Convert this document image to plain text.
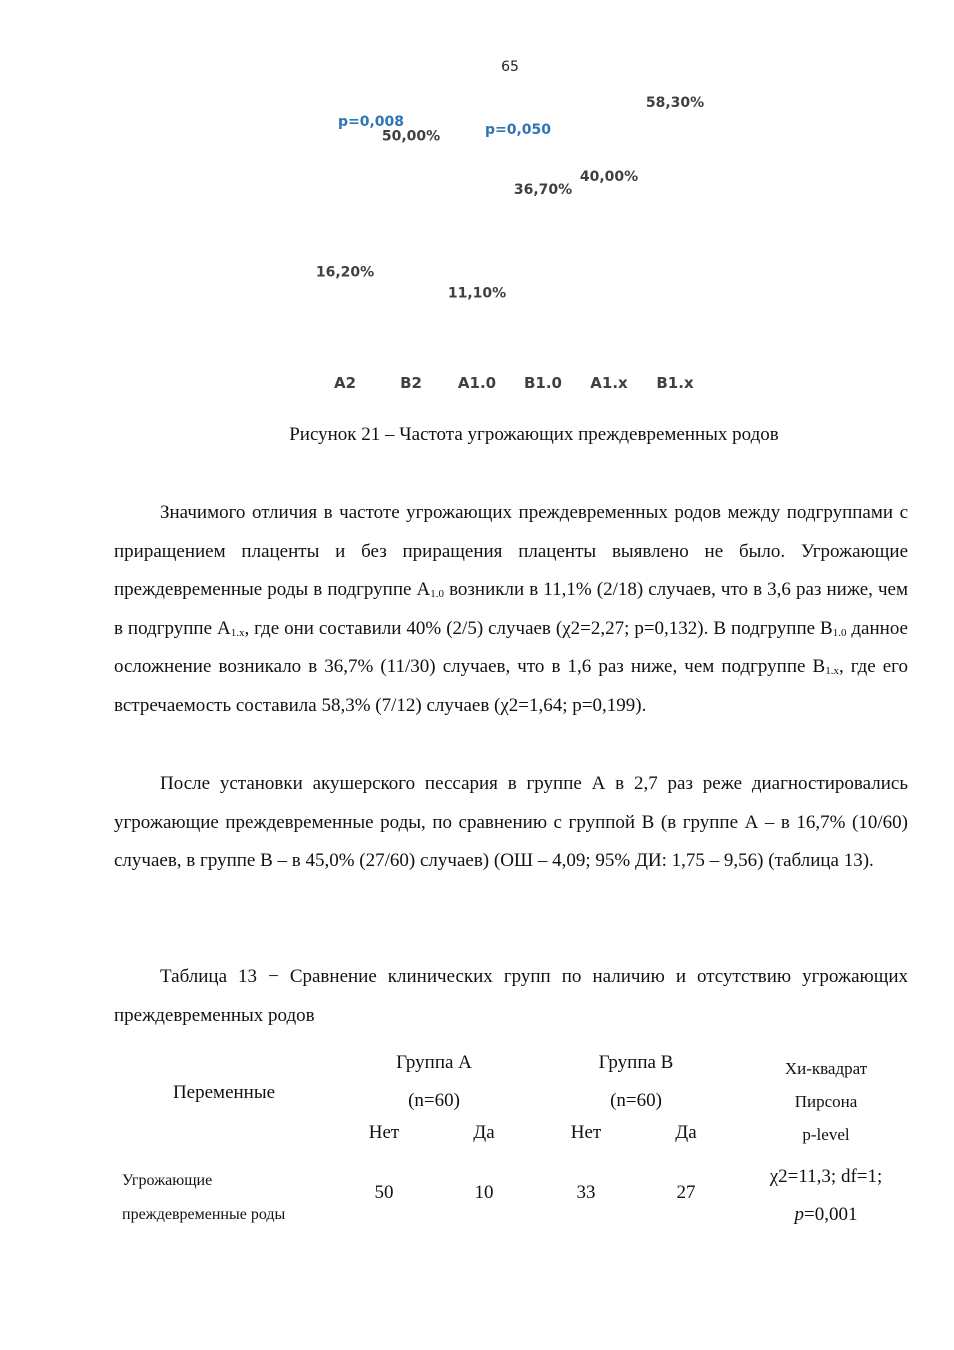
65
A2	B2 A1.0 B1.0 A1.x B1.x
16,20%
50,00%
11,10%
36,70%
40,00%
58,30%
p=0,008	p=0,050
Рисунок 21 – Частота угрожающих преждевременных родов
Значимого отличия в частоте угрожающих преждевременных родов между подгруппами с приращением плаценты и без приращения плаценты выявлено не было. Угрожающие преждевременные роды в подгруппе $А_{1.0}$ возникли в 11,1% (2/18) случаев, что в 3,6 раз ниже, чем в подгруппе $А_{1.x}$, где они составили 40% (2/5) случаев (χ2=2,27; p=0,132). В подгруппе $В_{1.0}$ данное осложнение возникало в 36,7% (11/30) случаев, что в 1,6 раз ниже, чем подгруппе $В_{1.x}$, где его встречаемость составила 58,3% (7/12) случаев (χ2=1,64; p=0,199).
После установки акушерского пессария в группе А в 2,7 раз реже диагностировались угрожающие преждевременные роды, по сравнению с группой В (в группе А – в 16,7% (10/60) случаев, в группе В – в 45,0% (27/60) случаев) (ОШ – 4,09; 95% ДИ: 1,75 – 9,56) (таблица 13).
Таблица 13 − Сравнение клинических групп по наличию и отсутствию угрожающих преждевременных родов
Переменные
Группа А
(n=60)
Группа В
(n=60)
Хи-квадрат
Пирсона
p-level
Нет	Да	Нет	Да
Угрожающие
преждевременные роды
50	10	33	27
χ2=11,3; df=1;
p=0,001
